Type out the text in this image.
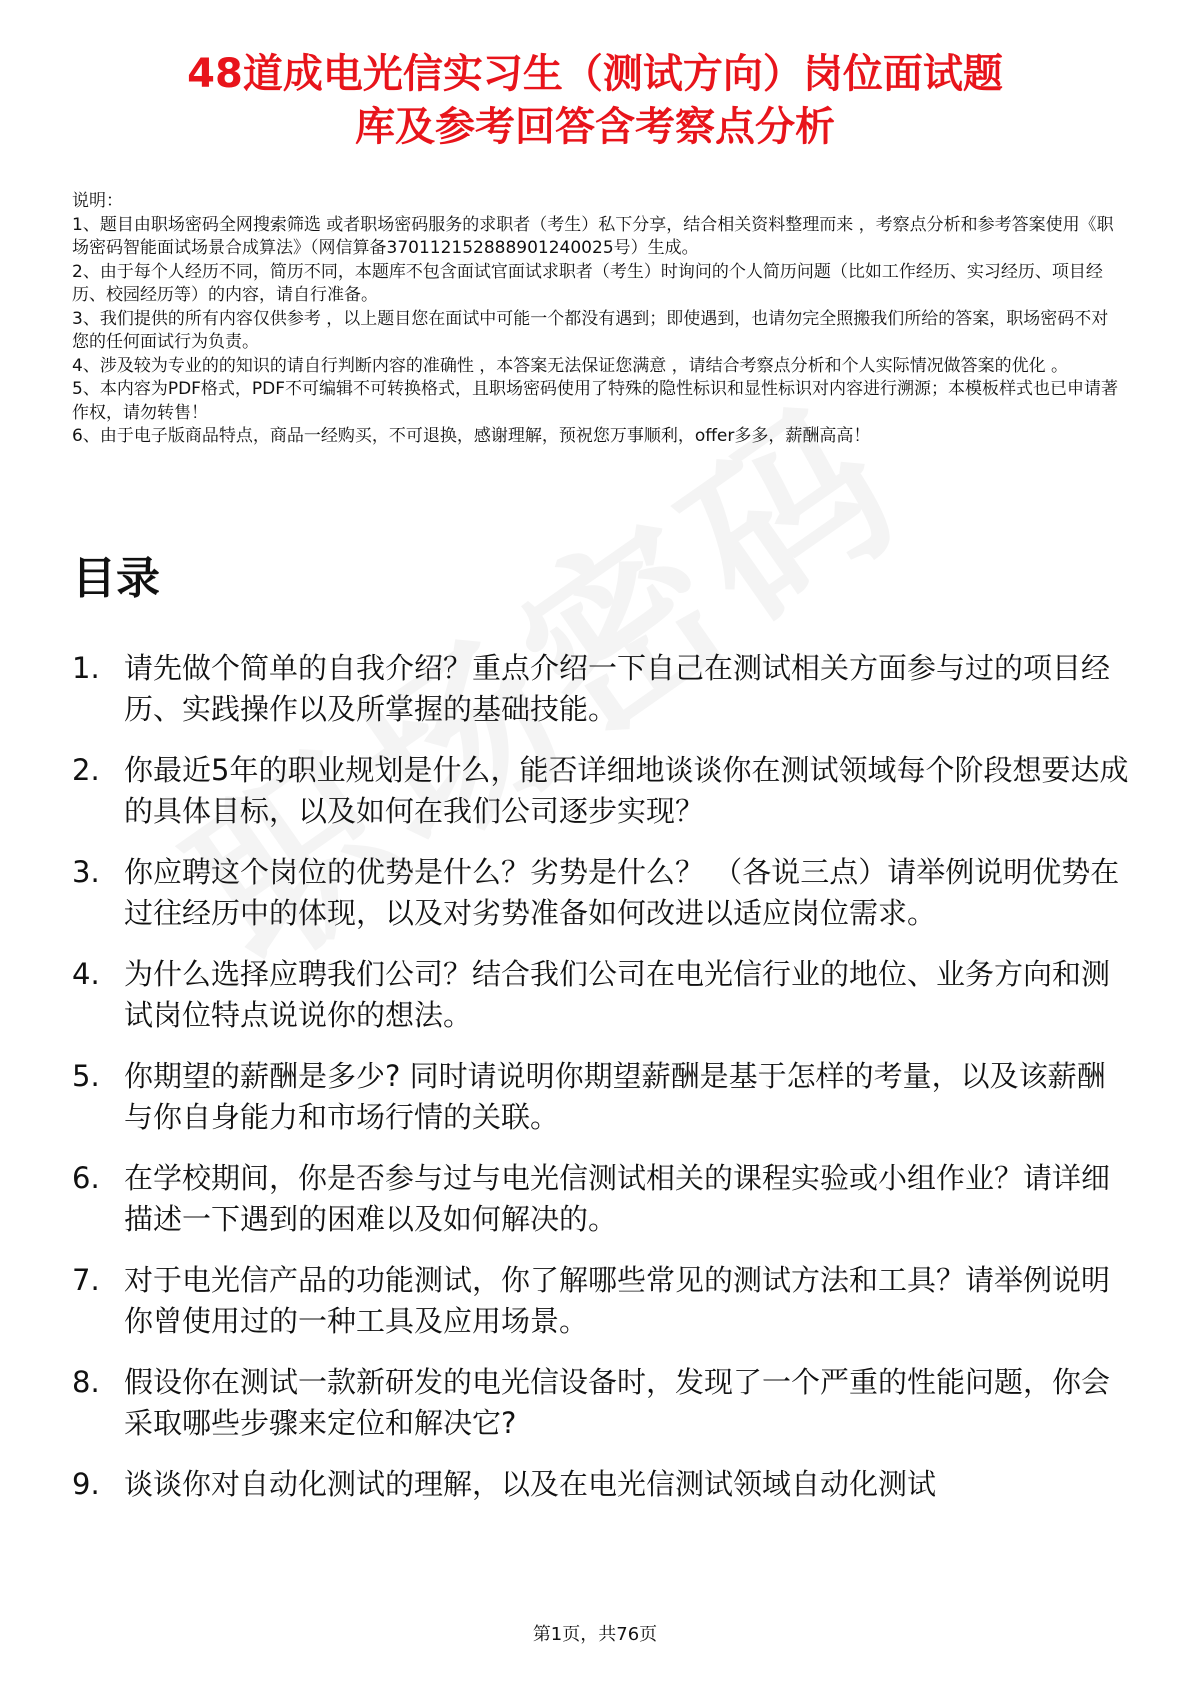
48道成电光信实习生（测试方向）岗位面试题
库及参考回答含考察点分析

说明：

1、题目由职场密码全网搜索筛选 或者职场密码服务的求职者（考生）私下分享，结合相关资料整理而来 ，考察点分析和参考答案使用《职场密码智能面试场景合成算法》（网信算备370112152888901240025号）生成。

2、由于每个人经历不同，简历不同，本题库不包含面试官面试求职者（考生）时询问的个人简历问题（比如工作经历、实习经历、项目经历、校园经历等）的内容，请自行准备。

3、我们提供的所有内容仅供参考 ，以上题目您在面试中可能一个都没有遇到；即使遇到，也请勿完全照搬我们所给的答案，职场密码不对您的任何面试行为负责。

4、涉及较为专业的的知识的请自行判断内容的准确性 ，本答案无法保证您满意 ，请结合考察点分析和个人实际情况做答案的优化 。

5、本内容为PDF格式，PDF不可编辑不可转换格式，且职场密码使用了特殊的隐性标识和显性标识对内容进行溯源；本模板样式也已申请著作权，请勿转售！

6、由于电子版商品特点，商品一经购买，不可退换，感谢理解，预祝您万事顺利，offer多多，薪酬高高！

目录
1. 请先做个简单的自我介绍？重点介绍一下自己在测试相关方面参与过的项目经历、实践操作以及所掌握的基础技能。
2. 你最近5年的职业规划是什么，能否详细地谈谈你在测试领域每个阶段想要达成的具体目标，以及如何在我们公司逐步实现？
3. 你应聘这个岗位的优势是什么？劣势是什么？ （各说三点）请举例说明优势在过往经历中的体现，以及对劣势准备如何改进以适应岗位需求。
4. 为什么选择应聘我们公司？结合我们公司在电光信行业的地位、业务方向和测试岗位特点说说你的想法。
5. 你期望的薪酬是多少? 同时请说明你期望薪酬是基于怎样的考量，以及该薪酬与你自身能力和市场行情的关联。
6. 在学校期间，你是否参与过与电光信测试相关的课程实验或小组作业？请详细描述一下遇到的困难以及如何解决的。
7. 对于电光信产品的功能测试，你了解哪些常见的测试方法和工具？请举例说明你曾使用过的一种工具及应用场景。
8. 假设你在测试一款新研发的电光信设备时，发现了一个严重的性能问题，你会采取哪些步骤来定位和解决它?
9. 谈谈你对自动化测试的理解，以及在电光信测试领域自动化测试
第1页，共76页
